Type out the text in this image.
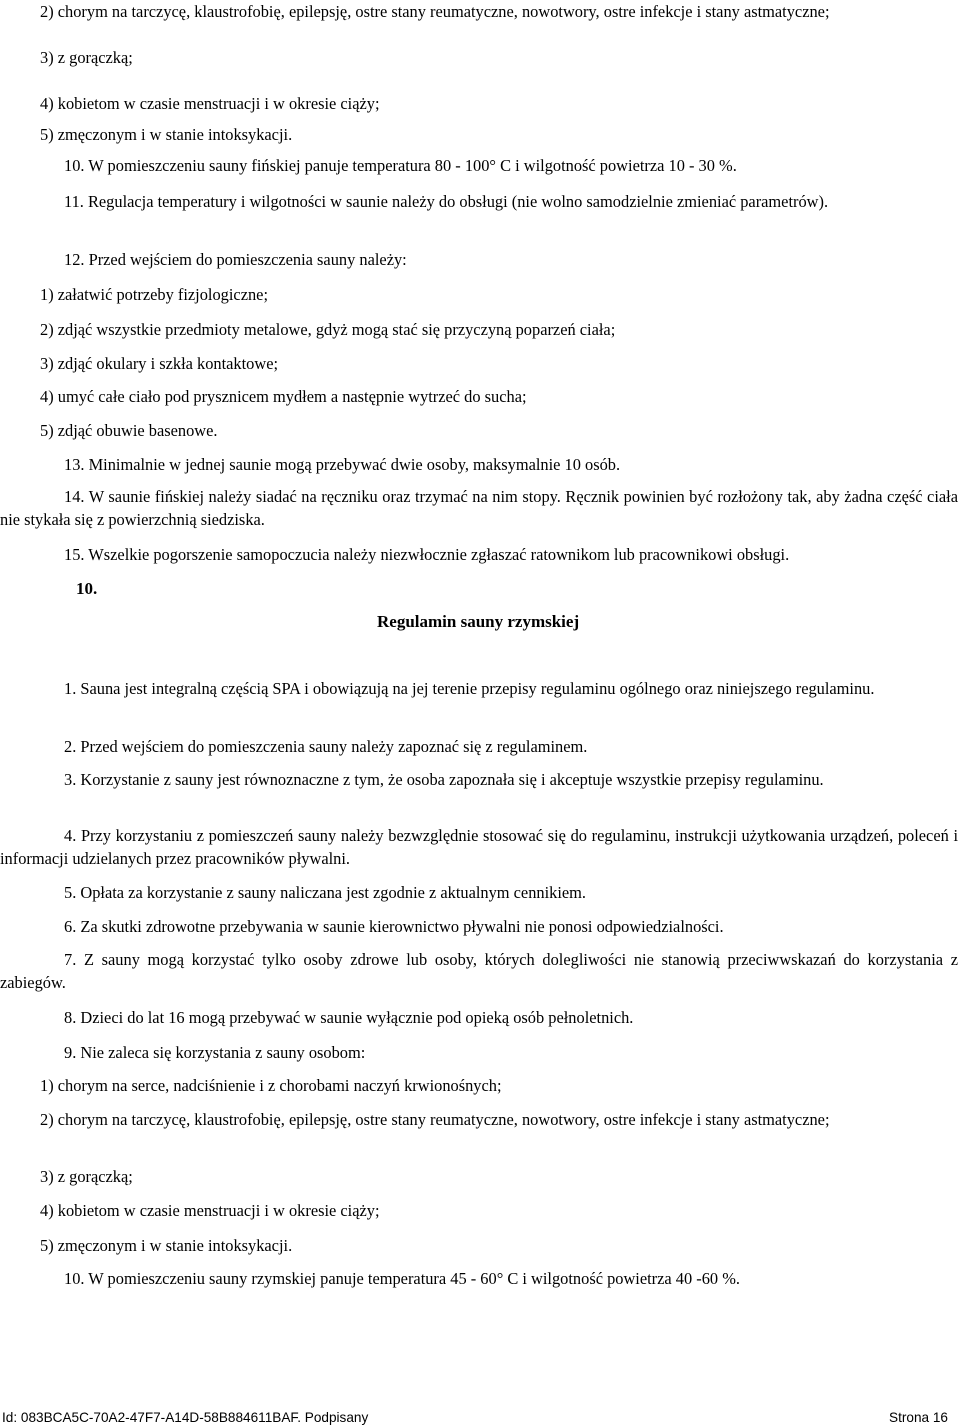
2) chorym na tarczycę, klaustrofobię, epilepsję, ostre stany reumatyczne, nowotwory, ostre infekcje i stany astmatyczne;

3) z gorączką;

4) kobietom w czasie menstruacji i w okresie ciąży;

5) zmęczonym i w stanie intoksykacji.

10. W pomieszczeniu sauny fińskiej panuje temperatura 80 - 100° C i wilgotność powietrza 10 - 30 %.

11. Regulacja temperatury i wilgotności w saunie należy do obsługi (nie wolno samodzielnie zmieniać parametrów).

12. Przed wejściem do pomieszczenia sauny należy:

1) załatwić potrzeby fizjologiczne;

2) zdjąć wszystkie przedmioty metalowe, gdyż mogą stać się przyczyną poparzeń ciała;

3) zdjąć okulary i szkła kontaktowe;

4) umyć całe ciało pod prysznicem mydłem a następnie wytrzeć do sucha;

5) zdjąć obuwie basenowe.

13. Minimalnie w jednej saunie mogą przebywać dwie osoby, maksymalnie 10 osób.

14. W saunie fińskiej należy siadać na ręczniku oraz trzymać na nim stopy. Ręcznik powinien być rozłożony tak, aby żadna część ciała nie stykała się z powierzchnią siedziska.

15. Wszelkie pogorszenie samopoczucia należy niezwłocznie zgłaszać ratownikom lub pracownikowi obsługi.

10.

Regulamin sauny rzymskiej

1. Sauna jest integralną częścią SPA i obowiązują na jej terenie przepisy regulaminu ogólnego oraz niniejszego regulaminu.

2. Przed wejściem do pomieszczenia sauny należy zapoznać się z regulaminem.

3. Korzystanie z sauny jest równoznaczne z tym, że osoba zapoznała się i akceptuje wszystkie przepisy regulaminu.

4. Przy korzystaniu z pomieszczeń sauny należy bezwzględnie stosować się do regulaminu, instrukcji użytkowania urządzeń, poleceń i informacji udzielanych przez pracowników pływalni.

5. Opłata za korzystanie z sauny naliczana jest zgodnie z aktualnym cennikiem.

6. Za skutki zdrowotne przebywania w saunie kierownictwo pływalni nie ponosi odpowiedzialności.

7. Z sauny mogą korzystać tylko osoby zdrowe lub osoby, których dolegliwości nie stanowią przeciwwskazań do korzystania z zabiegów.

8. Dzieci do lat 16 mogą przebywać w saunie wyłącznie pod opieką osób pełnoletnich.

9. Nie zaleca się korzystania z sauny osobom:

1) chorym na serce, nadciśnienie i z chorobami naczyń krwionośnych;

2) chorym na tarczycę, klaustrofobię, epilepsję, ostre stany reumatyczne, nowotwory, ostre infekcje i stany astmatyczne;

3) z gorączką;

4) kobietom w czasie menstruacji i w okresie ciąży;

5) zmęczonym i w stanie intoksykacji.

10. W pomieszczeniu sauny rzymskiej panuje temperatura 45 - 60° C i wilgotność powietrza 40 -60 %.

Id: 083BCA5C-70A2-47F7-A14D-58B884611BAF. Podpisany	Strona 16
